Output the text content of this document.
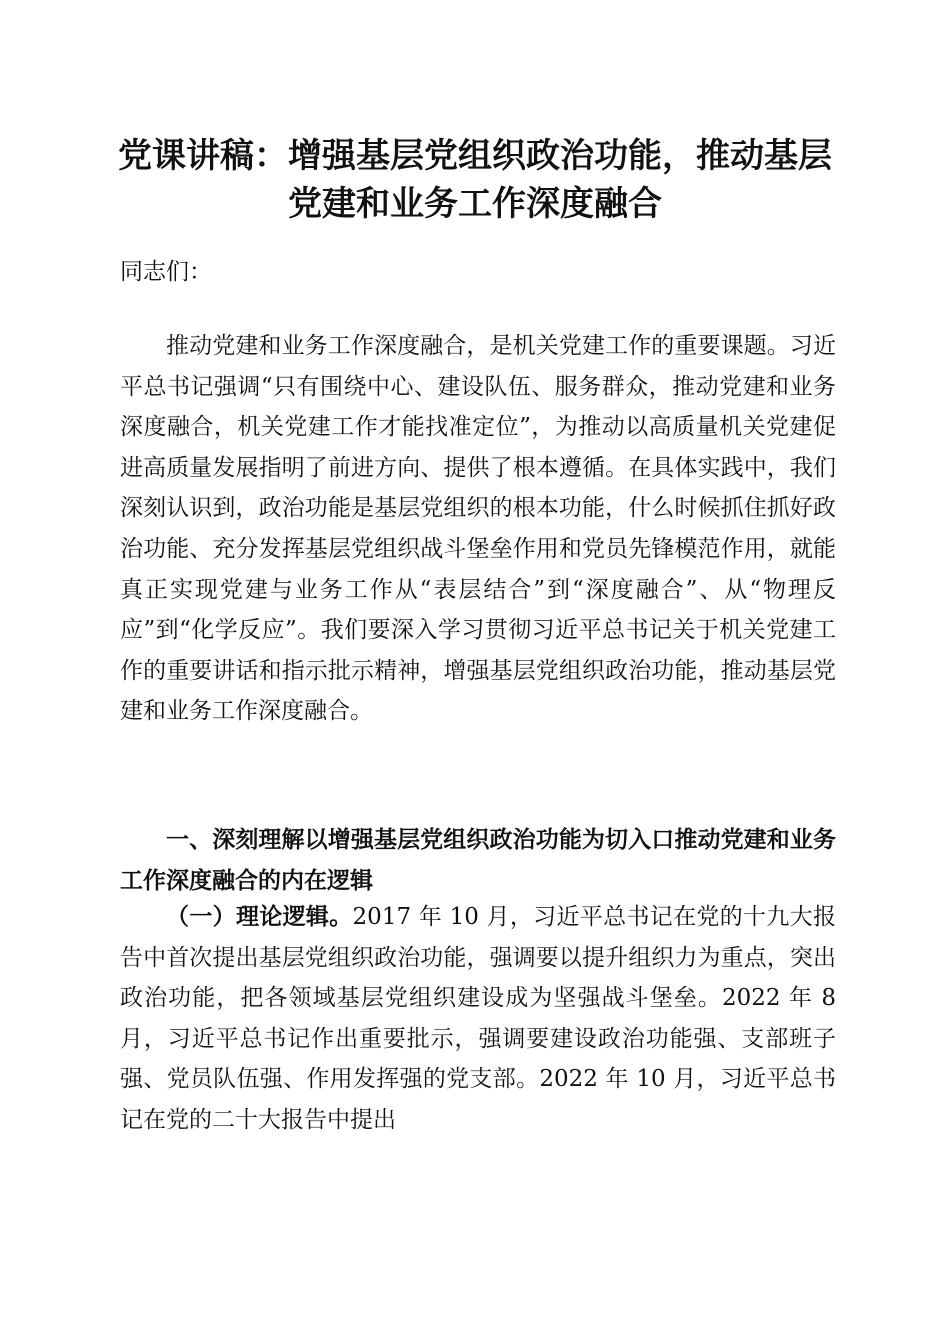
党课讲稿：增强基层党组织政治功能，推动基层党建和业务工作深度融合

同志们：

推动党建和业务工作深度融合，是机关党建工作的重要课题。习近平总书记强调“只有围绕中心、建设队伍、服务群众，推动党建和业务深度融合，机关党建工作才能找准定位”，为推动以高质量机关党建促进高质量发展指明了前进方向、提供了根本遵循。在具体实践中，我们深刻认识到，政治功能是基层党组织的根本功能，什么时候抓住抓好政治功能、充分发挥基层党组织战斗堡垒作用和党员先锋模范作用，就能真正实现党建与业务工作从“表层结合”到“深度融合”、从“物理反应”到“化学反应”。我们要深入学习贯彻习近平总书记关于机关党建工作的重要讲话和指示批示精神，增强基层党组织政治功能，推动基层党建和业务工作深度融合。

一、深刻理解以增强基层党组织政治功能为切入口推动党建和业务工作深度融合的内在逻辑

（一）理论逻辑。2017 年 10 月，习近平总书记在党的十九大报告中首次提出基层党组织政治功能，强调要以提升组织力为重点，突出政治功能，把各领域基层党组织建设成为坚强战斗堡垒。2022 年 8 月，习近平总书记作出重要批示，强调要建设政治功能强、支部班子强、党员队伍强、作用发挥强的党支部。2022 年 10 月，习近平总书记在党的二十大报告中提出
